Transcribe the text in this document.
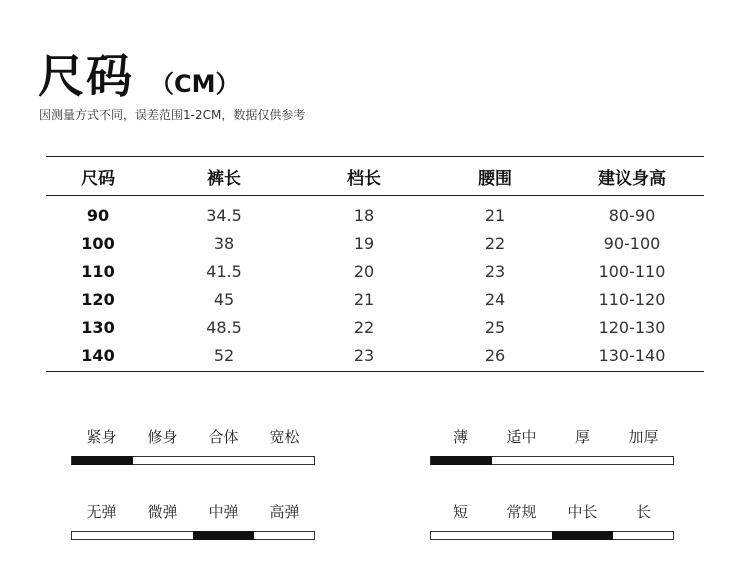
尺码 （CM）
因测量方式不同，误差范围1-2CM，数据仅供参考
尺码	裤长	档长	腰围	建议身高
90	34.5	18	21	80-90
100	38	19	22	90-100
110	41.5	20	23	100-110
120	45	21	24	110-120
130	48.5	22	25	120-130
140	52	23	26	130-140
紧身 修身 合体 宽松	薄	适中	厚	加厚
无弹 微弹 中弹 高弹	短	常规 中长	长
